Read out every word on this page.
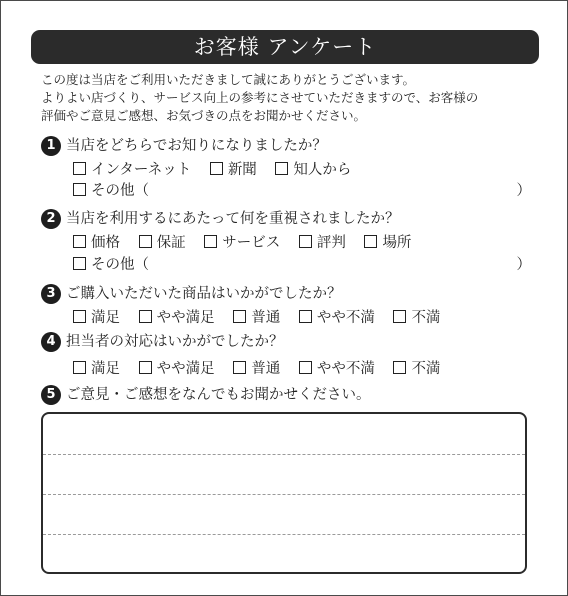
お客様 アンケート
この度は当店をご利用いただきまして誠にありがとうございます。
よりよい店づくり、サービス向上の参考にさせていただきますので、お客様の
評価やご意見ご感想、お気づきの点をお聞かせください。
1 当店をどちらでお知りになりましたか？
インターネット	新聞	知人から
その他（	）
2 当店を利用するにあたって何を重視されましたか？
価格	保証	サービス	評判	場所
その他（	）
3 ご購入いただいた商品はいかがでしたか？
満足	やや満足	普通	やや不満	不満
4 担当者の対応はいかがでしたか？
満足	やや満足	普通	やや不満	不満
5 ご意見・ご感想をなんでもお聞かせください。
